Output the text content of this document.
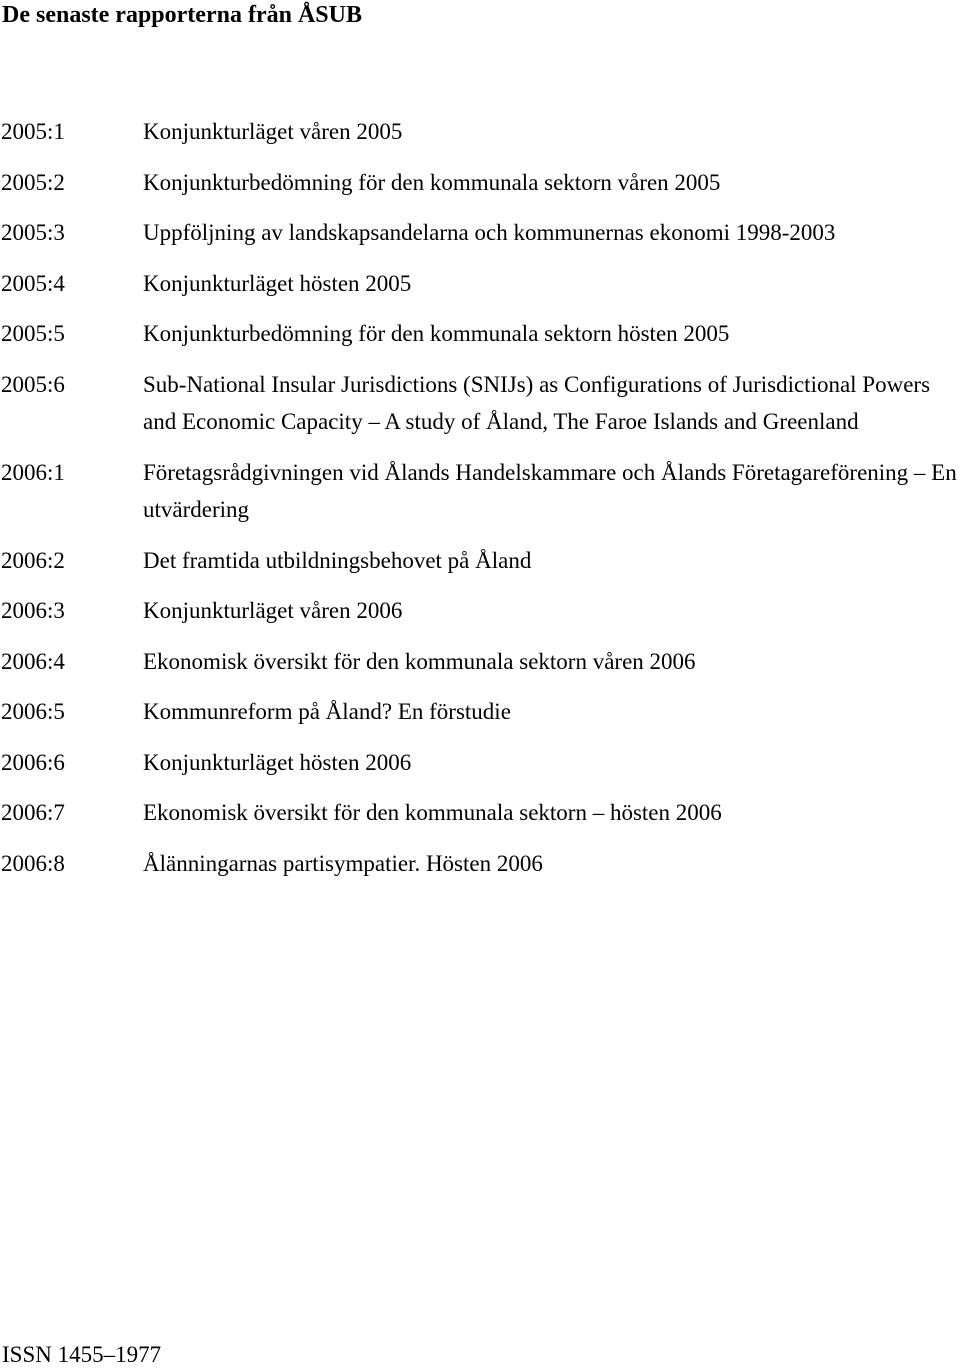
De senaste rapporterna från ÅSUB
2005:1	Konjunkturläget våren 2005
2005:2	Konjunkturbedömning för den kommunala sektorn våren 2005
2005:3	Uppföljning av landskapsandelarna och kommunernas ekonomi 1998-2003
2005:4	Konjunkturläget hösten 2005
2005:5	Konjunkturbedömning för den kommunala sektorn hösten 2005
2005:6	Sub-National Insular Jurisdictions (SNIJs) as Configurations of Jurisdictional Powers and Economic Capacity – A study of Åland, The Faroe Islands and Greenland
2006:1	Företagsrådgivningen vid Ålands Handelskammare och Ålands Företagareförening – En utvärdering
2006:2	Det framtida utbildningsbehovet på Åland
2006:3	Konjunkturläget våren 2006
2006:4	Ekonomisk översikt för den kommunala sektorn våren 2006
2006:5	Kommunreform på Åland? En förstudie
2006:6	Konjunkturläget hösten 2006
2006:7	Ekonomisk översikt för den kommunala sektorn – hösten 2006
2006:8	Ålänningarnas partisympatier. Hösten 2006
ISSN 1455–1977
